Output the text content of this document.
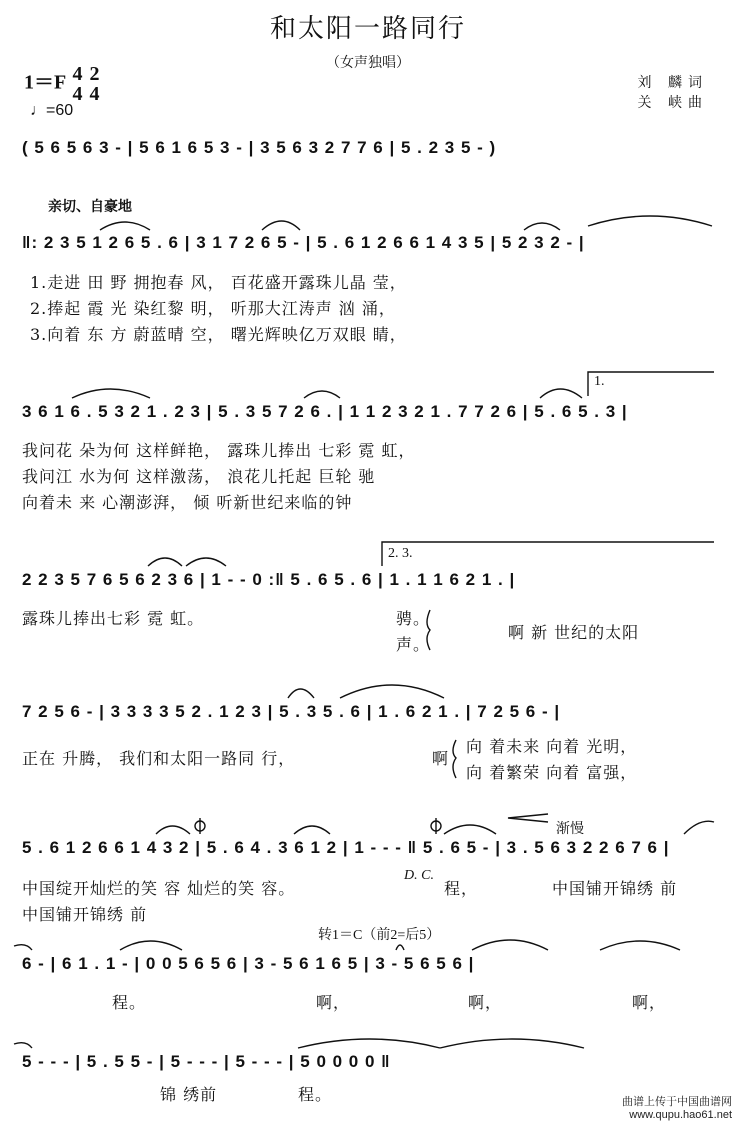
和太阳一路同行
（女声独唱）
1＝F 4
4

2
4
♩=60
刘 麟词
关 峡曲
( 5 6 5 6 3 - | 5 6 1 6 5 3 - | 3 5 6 3 2 7 7 6 | 5 . 2 3 5 - )
亲切、自豪地
‖: 2 3 5 1 2 6 5 . 6 | 3 1 7 2 6 5 - | 5 . 6 1 2 6 6 1 4 3 5 | 5 2 3 2 - |
1.走进 田 野 拥抱春 风， 百花盛开露珠儿晶 莹，
2.捧起 霞 光 染红黎 明， 听那大江涛声 汹 涌，
3.向着 东 方 蔚蓝晴 空， 曙光辉映亿万双眼 睛，
1.
3 6 1 6 . 5 3 2 1 . 2 3 | 5 . 3 5 7 2 6 . | 1 1 2 3 2 1 . 7 7 2 6 | 5 . 6 5 . 3 |
我问花 朵为何 这样鲜艳， 露珠儿捧出 七彩 霓 虹，
我问江 水为何 这样激荡， 浪花儿托起 巨轮 驰
向着未 来 心潮澎湃， 倾 听新世纪来临的钟
2. 3.
2 2 3 5 7 6 5 6 2 3 6 | 1 - - 0 :‖ 5 . 6 5 . 6 | 1 . 1 1 6 2 1 . |
露珠儿捧出七彩 霓 虹。	骋。
声。
啊 新 世纪的太阳
7 2 5 6 - | 3 3 3 3 5 2 . 1 2 3 | 5 . 3 5 . 6 | 1 . 6 2 1 . | 7 2 5 6 - |
正在 升腾， 我们和太阳一路同 行，	啊
向 着未来 向着 光明，
向 着繁荣 向着 富强，
渐慢
5 . 6 1 2 6 6 1 4 3 2 | 5 . 6 4 . 3 6 1 2 | 1 - - - ‖ 5 . 6 5 - | 3 . 5 6 3 2 2 6 7 6 |
中国绽开灿烂的笑 容 灿烂的笑 容。
中国铺开锦绣 前
D. C.
程，	中国铺开锦绣 前
转1＝C（前2=后5）
6 - | 6 1 . 1 - | 0 0 5 6 5 6 | 3 - 5 6 1 6 5 | 3 - 5 6 5 6 |
程。	啊，	啊，	啊，
5 - - - | 5 . 5 5 - | 5 - - - | 5 - - - | 5 0 0 0 0 ‖
锦 绣前	程。	曲谱上传于中国曲谱网
www.qupu.hao61.net
